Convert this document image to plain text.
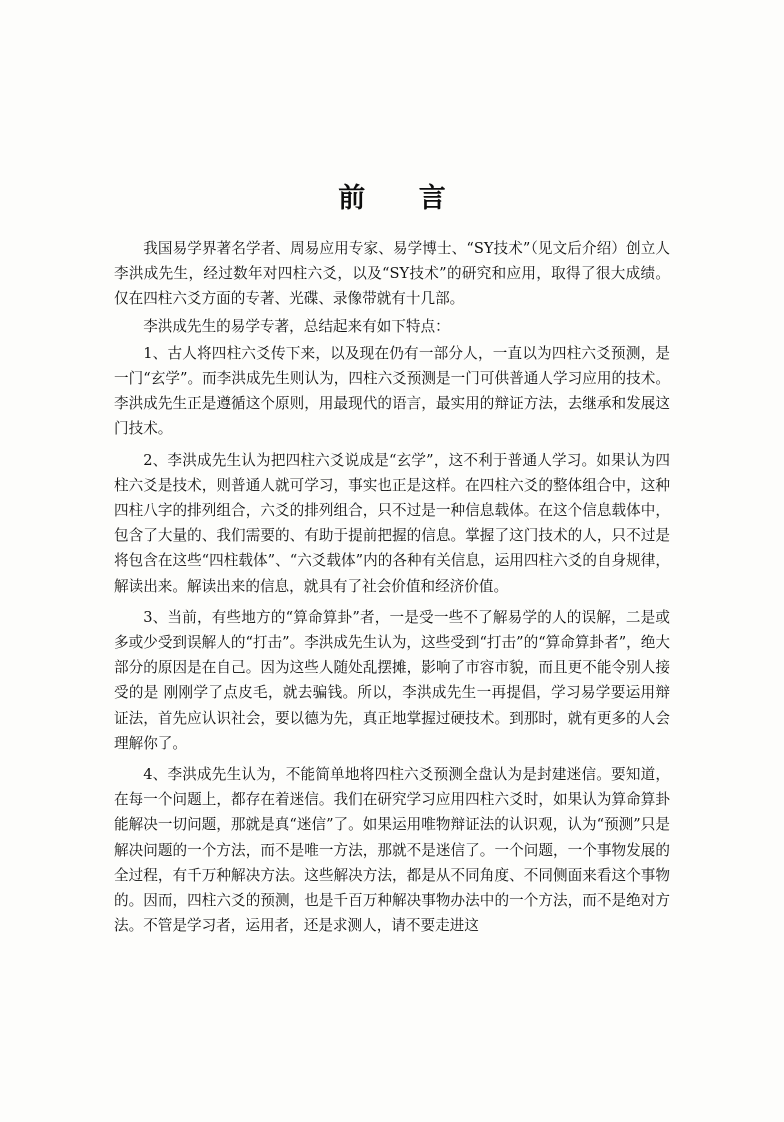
前 言

我国易学界著名学者、周易应用专家、易学博士、“SY技术”（见文后介绍）创立人李洪成先生，经过数年对四柱六爻，以及“SY技术”的研究和应用，取得了很大成绩。仅在四柱六爻方面的专著、光碟、录像带就有十几部。

李洪成先生的易学专著，总结起来有如下特点：

1、古人将四柱六爻传下来，以及现在仍有一部分人，一直以为四柱六爻预测，是一门“玄学”。而李洪成先生则认为，四柱六爻预测是一门可供普通人学习应用的技术。李洪成先生正是遵循这个原则，用最现代的语言，最实用的辩证方法，去继承和发展这门技术。

2、李洪成先生认为把四柱六爻说成是“玄学”，这不利于普通人学习。如果认为四柱六爻是技术，则普通人就可学习，事实也正是这样。在四柱六爻的整体组合中，这种四柱八字的排列组合，六爻的排列组合，只不过是一种信息载体。在这个信息载体中，包含了大量的、我们需要的、有助于提前把握的信息。掌握了这门技术的人，只不过是将包含在这些“四柱载体”、“六爻载体”内的各种有关信息，运用四柱六爻的自身规律，解读出来。解读出来的信息，就具有了社会价值和经济价值。

3、当前，有些地方的“算命算卦”者，一是受一些不了解易学的人的误解，二是或多或少受到误解人的“打击”。李洪成先生认为，这些受到“打击”的“算命算卦者”，绝大部分的原因是在自己。因为这些人随处乱摆摊，影响了市容市貌，而且更不能令别人接受的是 刚刚学了点皮毛，就去骗钱。所以，李洪成先生一再提倡，学习易学要运用辩证法，首先应认识社会，要以德为先，真正地掌握过硬技术。到那时，就有更多的人会理解你了。

4、李洪成先生认为，不能简单地将四柱六爻预测全盘认为是封建迷信。要知道，在每一个问题上，都存在着迷信。我们在研究学习应用四柱六爻时，如果认为算命算卦能解决一切问题，那就是真“迷信”了。如果运用唯物辩证法的认识观，认为“预测”只是解决问题的一个方法，而不是唯一方法，那就不是迷信了。一个问题，一个事物发展的全过程，有千万种解决方法。这些解决方法，都是从不同角度、不同侧面来看这个事物的。因而，四柱六爻的预测，也是千百万种解决事物办法中的一个方法，而不是绝对方法。不管是学习者，运用者，还是求测人，请不要走进这
